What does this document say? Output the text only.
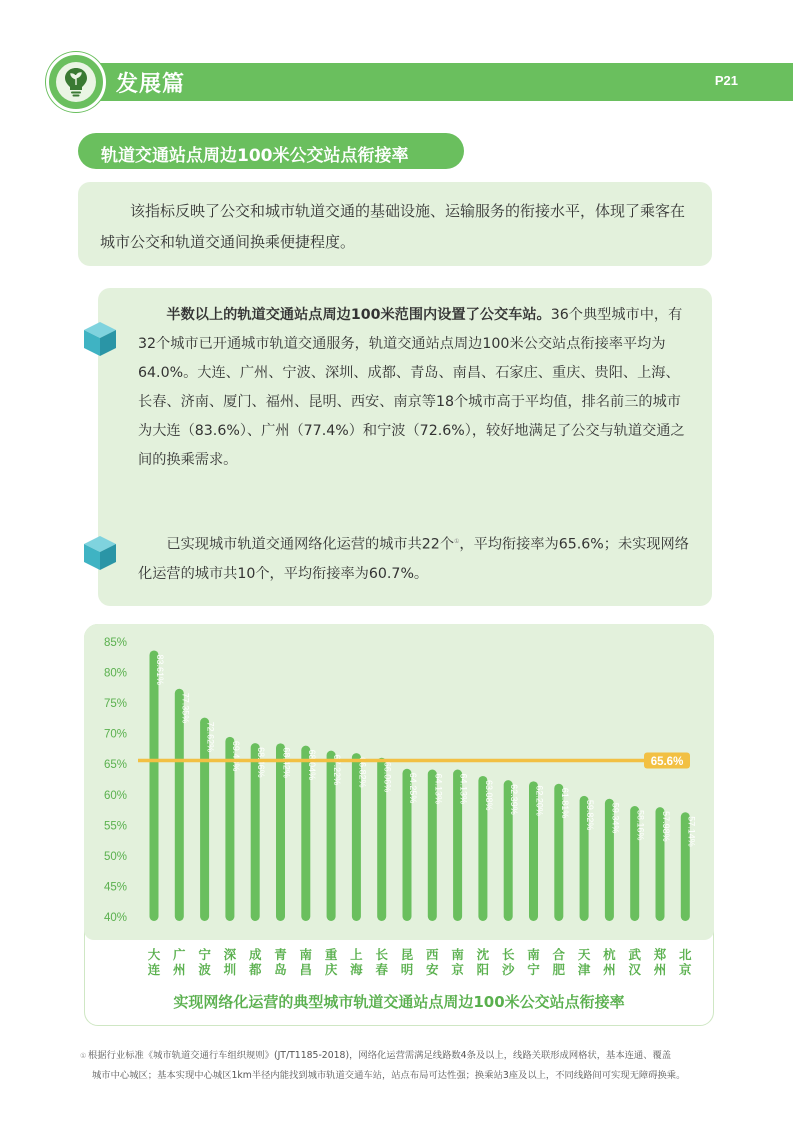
发展篇	P21
轨道交通站点周边100米公交站点衔接率
该指标反映了公交和城市轨道交通的基础设施、运输服务的衔接水平，体现了乘客在城市公交和轨道交通间换乘便捷程度。
半数以上的轨道交通站点周边100米范围内设置了公交车站。36个典型城市中，有32个城市已开通城市轨道交通服务，轨道交通站点周边100米公交站点衔接率平均为64.0%。大连、广州、宁波、深圳、成都、青岛、南昌、石家庄、重庆、贵阳、上海、长春、济南、厦门、福州、昆明、西安、南京等18个城市高于平均值，排名前三的城市为大连（83.6%）、广州（77.4%）和宁波（72.6%），较好地满足了公交与轨道交通之间的换乘需求。
已实现城市轨道交通网络化运营的城市共22个①，平均衔接率为65.6%；未实现网络化运营的城市共10个，平均衔接率为60.7%。
85%
80%
75%
70%
65%
60%
55%
50%
45%
40%
83.61%
大
连
77.35%
广
州
72.62%
宁
波
69.48%
深
圳
68.46%
成
都
68.42%
青
岛
68.04%
南
昌
67.22%
重
庆
66.82%
上
海
66.06%
长
春
64.25%
昆
明
64.13%
西
安
64.13%
南
京
63.08%
沈
阳
62.39%
长
沙
62.20%
南
宁
61.81%
合
肥
59.82%
天
津
59.34%
杭
州
58.16%
武
汉
57.98%
郑
州
57.14%
北
京
65.6%
实现网络化运营的典型城市轨道交通站点周边100米公交站点衔接率
① 根据行业标准《城市轨道交通行车组织规则》(JT/T1185-2018)，网络化运营需满足线路数4条及以上，线路关联形成网格状，基本连通、覆盖
城市中心城区；基本实现中心城区1km半径内能找到城市轨道交通车站，站点布局可达性强；换乘站3座及以上，不同线路间可实现无障碍换乘。
